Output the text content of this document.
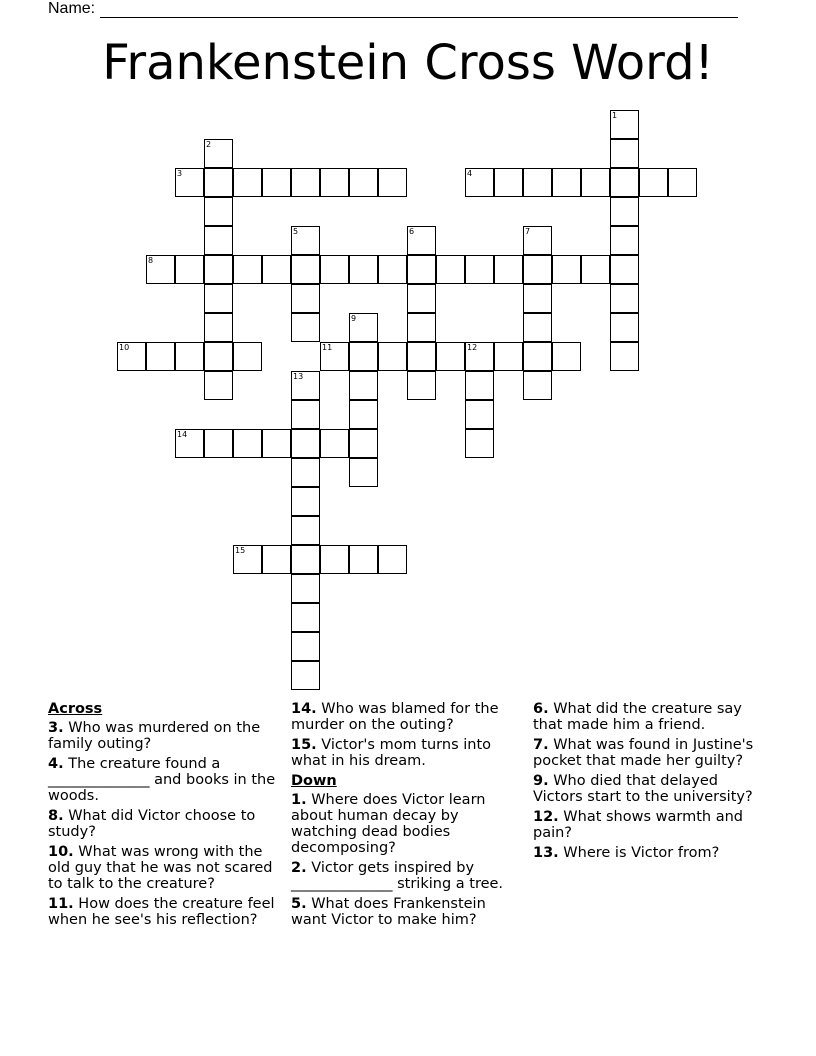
Name:
Frankenstein Cross Word!
1
2
3	4
5	6	7
8
9
10	11	12
13
14
15
Across
3. Who was murdered on the family outing?
4. The creature found a ______________ and books in the woods.
8. What did Victor choose to study?
10. What was wrong with the old guy that he was not scared to talk to the creature?
11. How does the creature feel when he see's his reflection?
14. Who was blamed for the murder on the outing?
15. Victor's mom turns into what in his dream.
Down
1. Where does Victor learn about human decay by watching dead bodies decomposing?
2. Victor gets inspired by ______________ striking a tree.
5. What does Frankenstein want Victor to make him?
6. What did the creature say that made him a friend.
7. What was found in Justine's pocket that made her guilty?
9. Who died that delayed Victors start to the university?
12. What shows warmth and pain?
13. Where is Victor from?
